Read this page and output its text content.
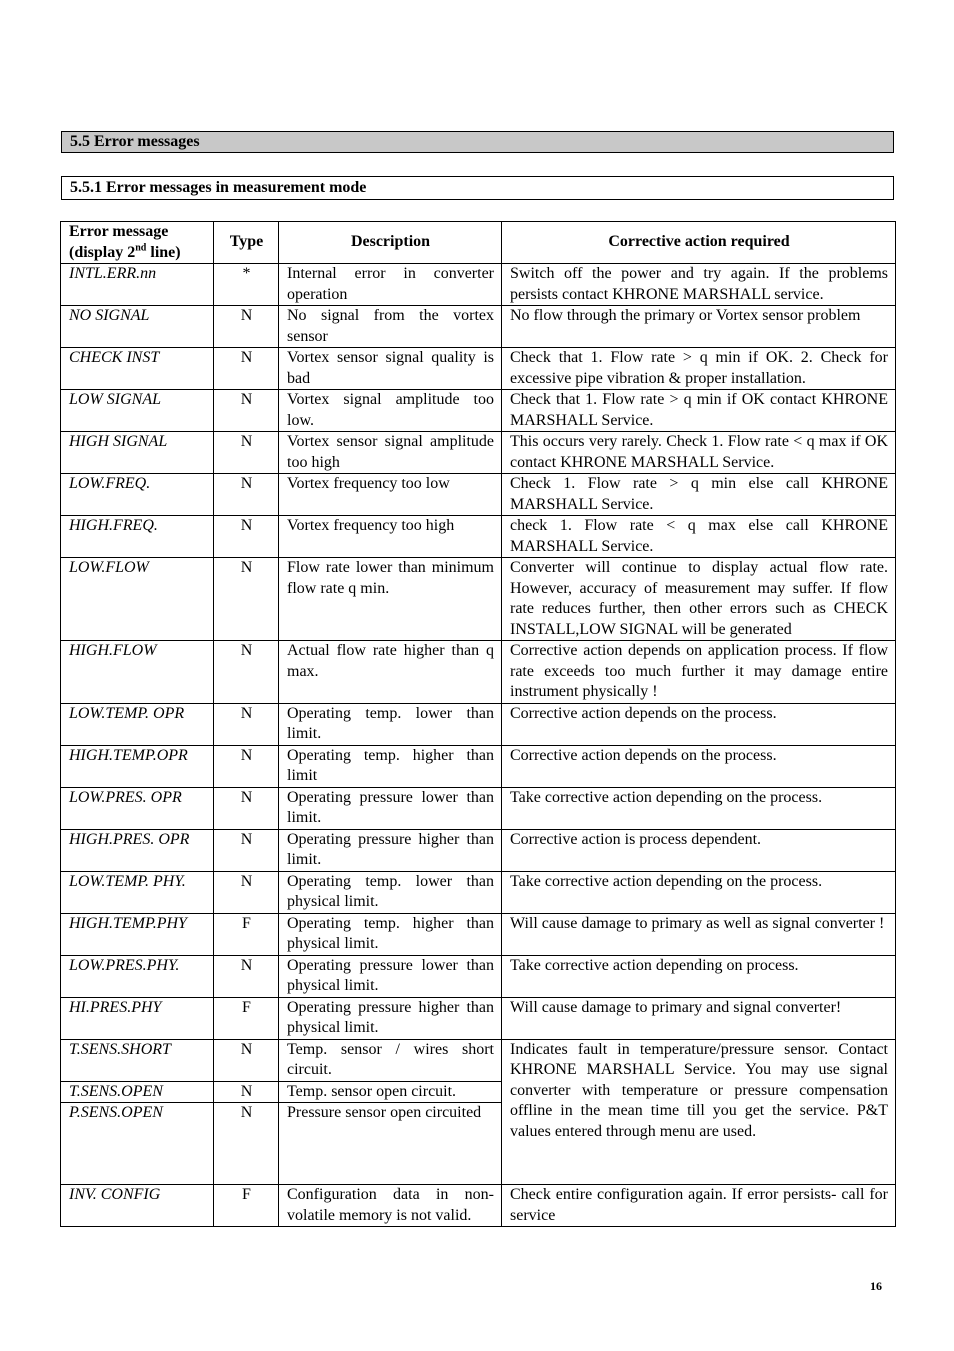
5.5 Error messages
5.5.1 Error messages in measurement mode
Error message
(display 2nd line)	Type	Description	Corrective action required
INTL.ERR.nn	*	Internal error in converter operation	Switch off the power and try again. If the problems persists contact KHRONE MARSHALL service.
NO SIGNAL	N	No signal from the vortex sensor	No flow through the primary or Vortex sensor problem
CHECK INST	N	Vortex sensor signal quality is bad	Check that 1. Flow rate > q min if OK. 2. Check for excessive pipe vibration & proper installation.
LOW SIGNAL	N	Vortex signal amplitude too low.	Check that 1. Flow rate > q min if OK contact KHRONE MARSHALL Service.
HIGH SIGNAL	N	Vortex sensor signal amplitude too high	This occurs very rarely. Check 1. Flow rate < q max if OK contact KHRONE MARSHALL Service.
LOW.FREQ.	N	Vortex frequency too low	Check 1. Flow rate > q min else call KHRONE MARSHALL Service.
HIGH.FREQ.	N	Vortex frequency too high	check 1. Flow rate < q max else call KHRONE MARSHALL Service.
LOW.FLOW	N	Flow rate lower than minimum flow rate q min.	Converter will continue to display actual flow rate. However, accuracy of measurement may suffer. If flow rate reduces further, then other errors such as CHECK INSTALL,LOW SIGNAL will be generated
HIGH.FLOW	N	Actual flow rate higher than q max.	Corrective action depends on application process. If flow rate exceeds too much further it may damage entire instrument physically !
LOW.TEMP. OPR	N	Operating temp. lower than limit.	Corrective action depends on the process.
HIGH.TEMP.OPR	N	Operating temp. higher than limit	Corrective action depends on the process.
LOW.PRES. OPR	N	Operating pressure lower than limit.	Take corrective action depending on the process.
HIGH.PRES. OPR	N	Operating pressure higher than limit.	Corrective action is process dependent.
LOW.TEMP. PHY.	N	Operating temp. lower than physical limit.	Take corrective action depending on the process.
HIGH.TEMP.PHY	F	Operating temp. higher than physical limit.	Will cause damage to primary as well as signal converter !
LOW.PRES.PHY.	N	Operating pressure lower than physical limit.	Take corrective action depending on process.
HI.PRES.PHY	F	Operating pressure higher than physical limit.	Will cause damage to primary and signal converter!
T.SENS.SHORT	N	Temp. sensor / wires short circuit.	Indicates fault in temperature/pressure sensor. Contact KHRONE MARSHALL Service. You may use signal converter with temperature or pressure compensation offline in the mean time till you get the service. P&T values entered through menu are used.
T.SENS.OPEN	N	Temp. sensor open circuit.	
P.SENS.OPEN	N	Pressure sensor open circuited	
INV. CONFIG	F	Configuration data in non-volatile memory is not valid.	Check entire configuration again. If error persists- call for service
16
